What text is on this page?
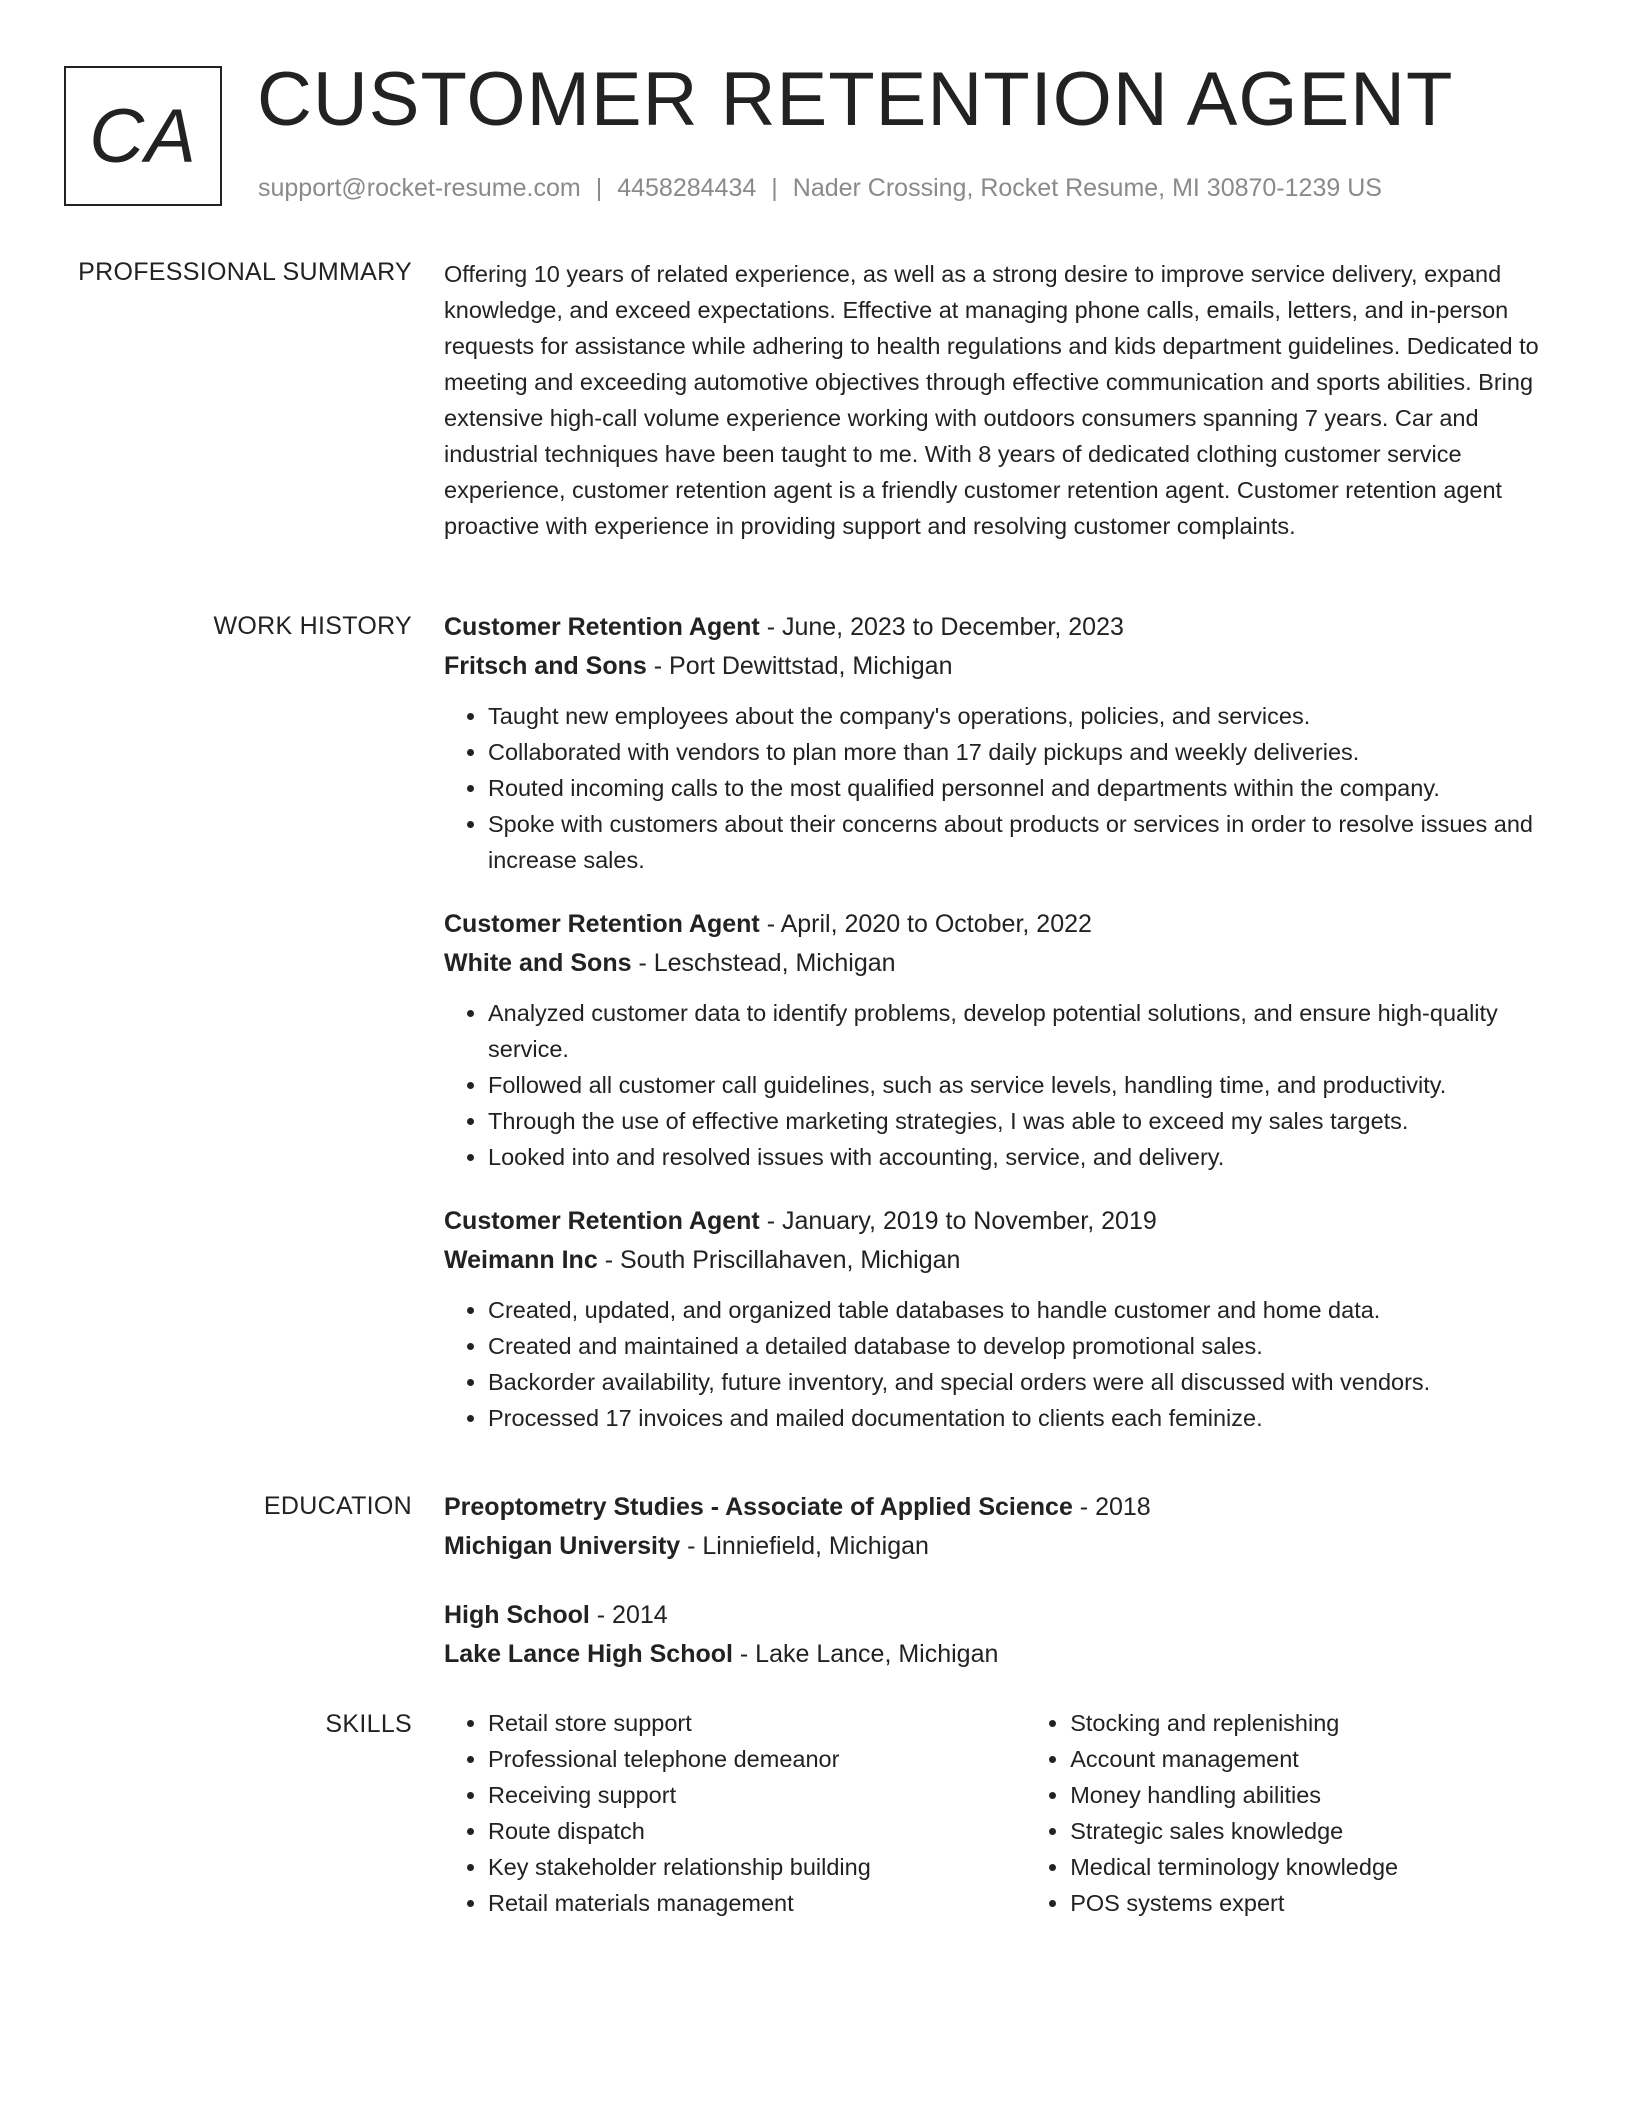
CA CUSTOMER RETENTION AGENT
support@rocket-resume.com | 4458284434 | Nader Crossing, Rocket Resume, MI 30870-1239 US
PROFESSIONAL SUMMARY Offering 10 years of related experience, as well as a strong desire to improve service delivery, expand knowledge, and exceed expectations. Effective at managing phone calls, emails, letters, and in-person requests for assistance while adhering to health regulations and kids department guidelines. Dedicated to meeting and exceeding automotive objectives through effective communication and sports abilities. Bring extensive high-call volume experience working with outdoors consumers spanning 7 years. Car and industrial techniques have been taught to me. With 8 years of dedicated clothing customer service experience, customer retention agent is a friendly customer retention agent. Customer retention agent proactive with experience in providing support and resolving customer complaints.

WORK HISTORY Customer Retention Agent - June, 2023 to December, 2023
Fritsch and Sons - Port Dewittstad, Michigan
• Taught new employees about the company's operations, policies, and services.
• Collaborated with vendors to plan more than 17 daily pickups and weekly deliveries.
• Routed incoming calls to the most qualified personnel and departments within the company.
• Spoke with customers about their concerns about products or services in order to resolve issues and increase sales.
Customer Retention Agent - April, 2020 to October, 2022
White and Sons - Leschstead, Michigan
• Analyzed customer data to identify problems, develop potential solutions, and ensure high-quality service.
• Followed all customer call guidelines, such as service levels, handling time, and productivity.
• Through the use of effective marketing strategies, I was able to exceed my sales targets.
• Looked into and resolved issues with accounting, service, and delivery.
Customer Retention Agent - January, 2019 to November, 2019
Weimann Inc - South Priscillahaven, Michigan
• Created, updated, and organized table databases to handle customer and home data.
• Created and maintained a detailed database to develop promotional sales.
• Backorder availability, future inventory, and special orders were all discussed with vendors.
• Processed 17 invoices and mailed documentation to clients each feminize.
EDUCATION Preoptometry Studies - Associate of Applied Science - 2018
Michigan University - Linniefield, Michigan
High School - 2014
Lake Lance High School - Lake Lance, Michigan
SKILLS
•	Retail store support
• Professional telephone demeanor
• Receiving support
• Route dispatch
• Key stakeholder relationship building
• Retail materials management
• Stocking and replenishing
• Account management
• Money handling abilities
• Strategic sales knowledge
• Medical terminology knowledge
• POS systems expert
